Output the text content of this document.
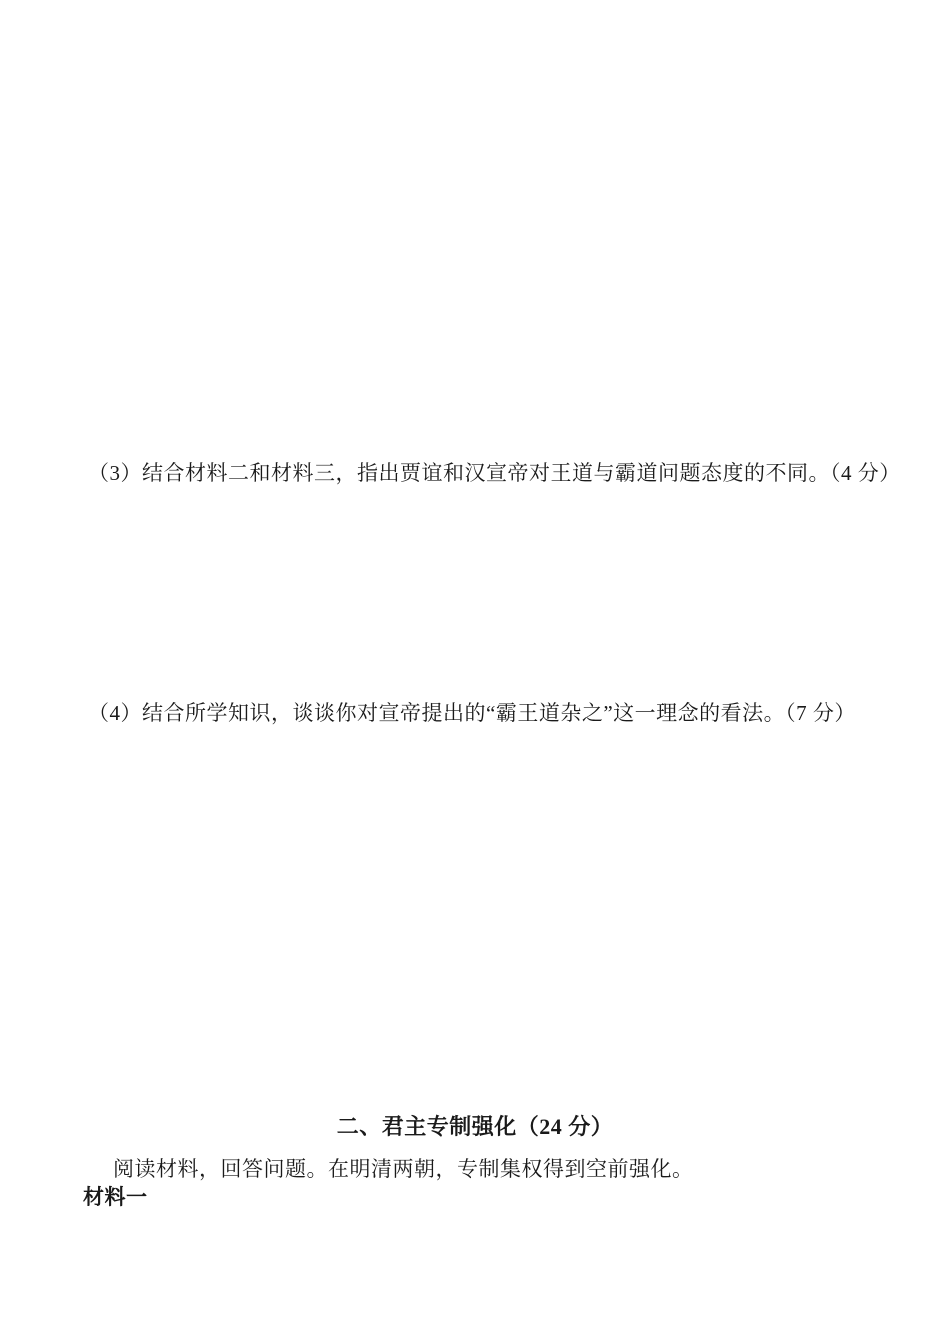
（3）结合材料二和材料三，指出贾谊和汉宣帝对王道与霸道问题态度的不同。（4 分）

（4）结合所学知识，谈谈你对宣帝提出的“霸王道杂之”这一理念的看法。（7 分）

二、君主专制强化（24 分）

阅读材料，回答问题。在明清两朝，专制集权得到空前强化。

材料一
